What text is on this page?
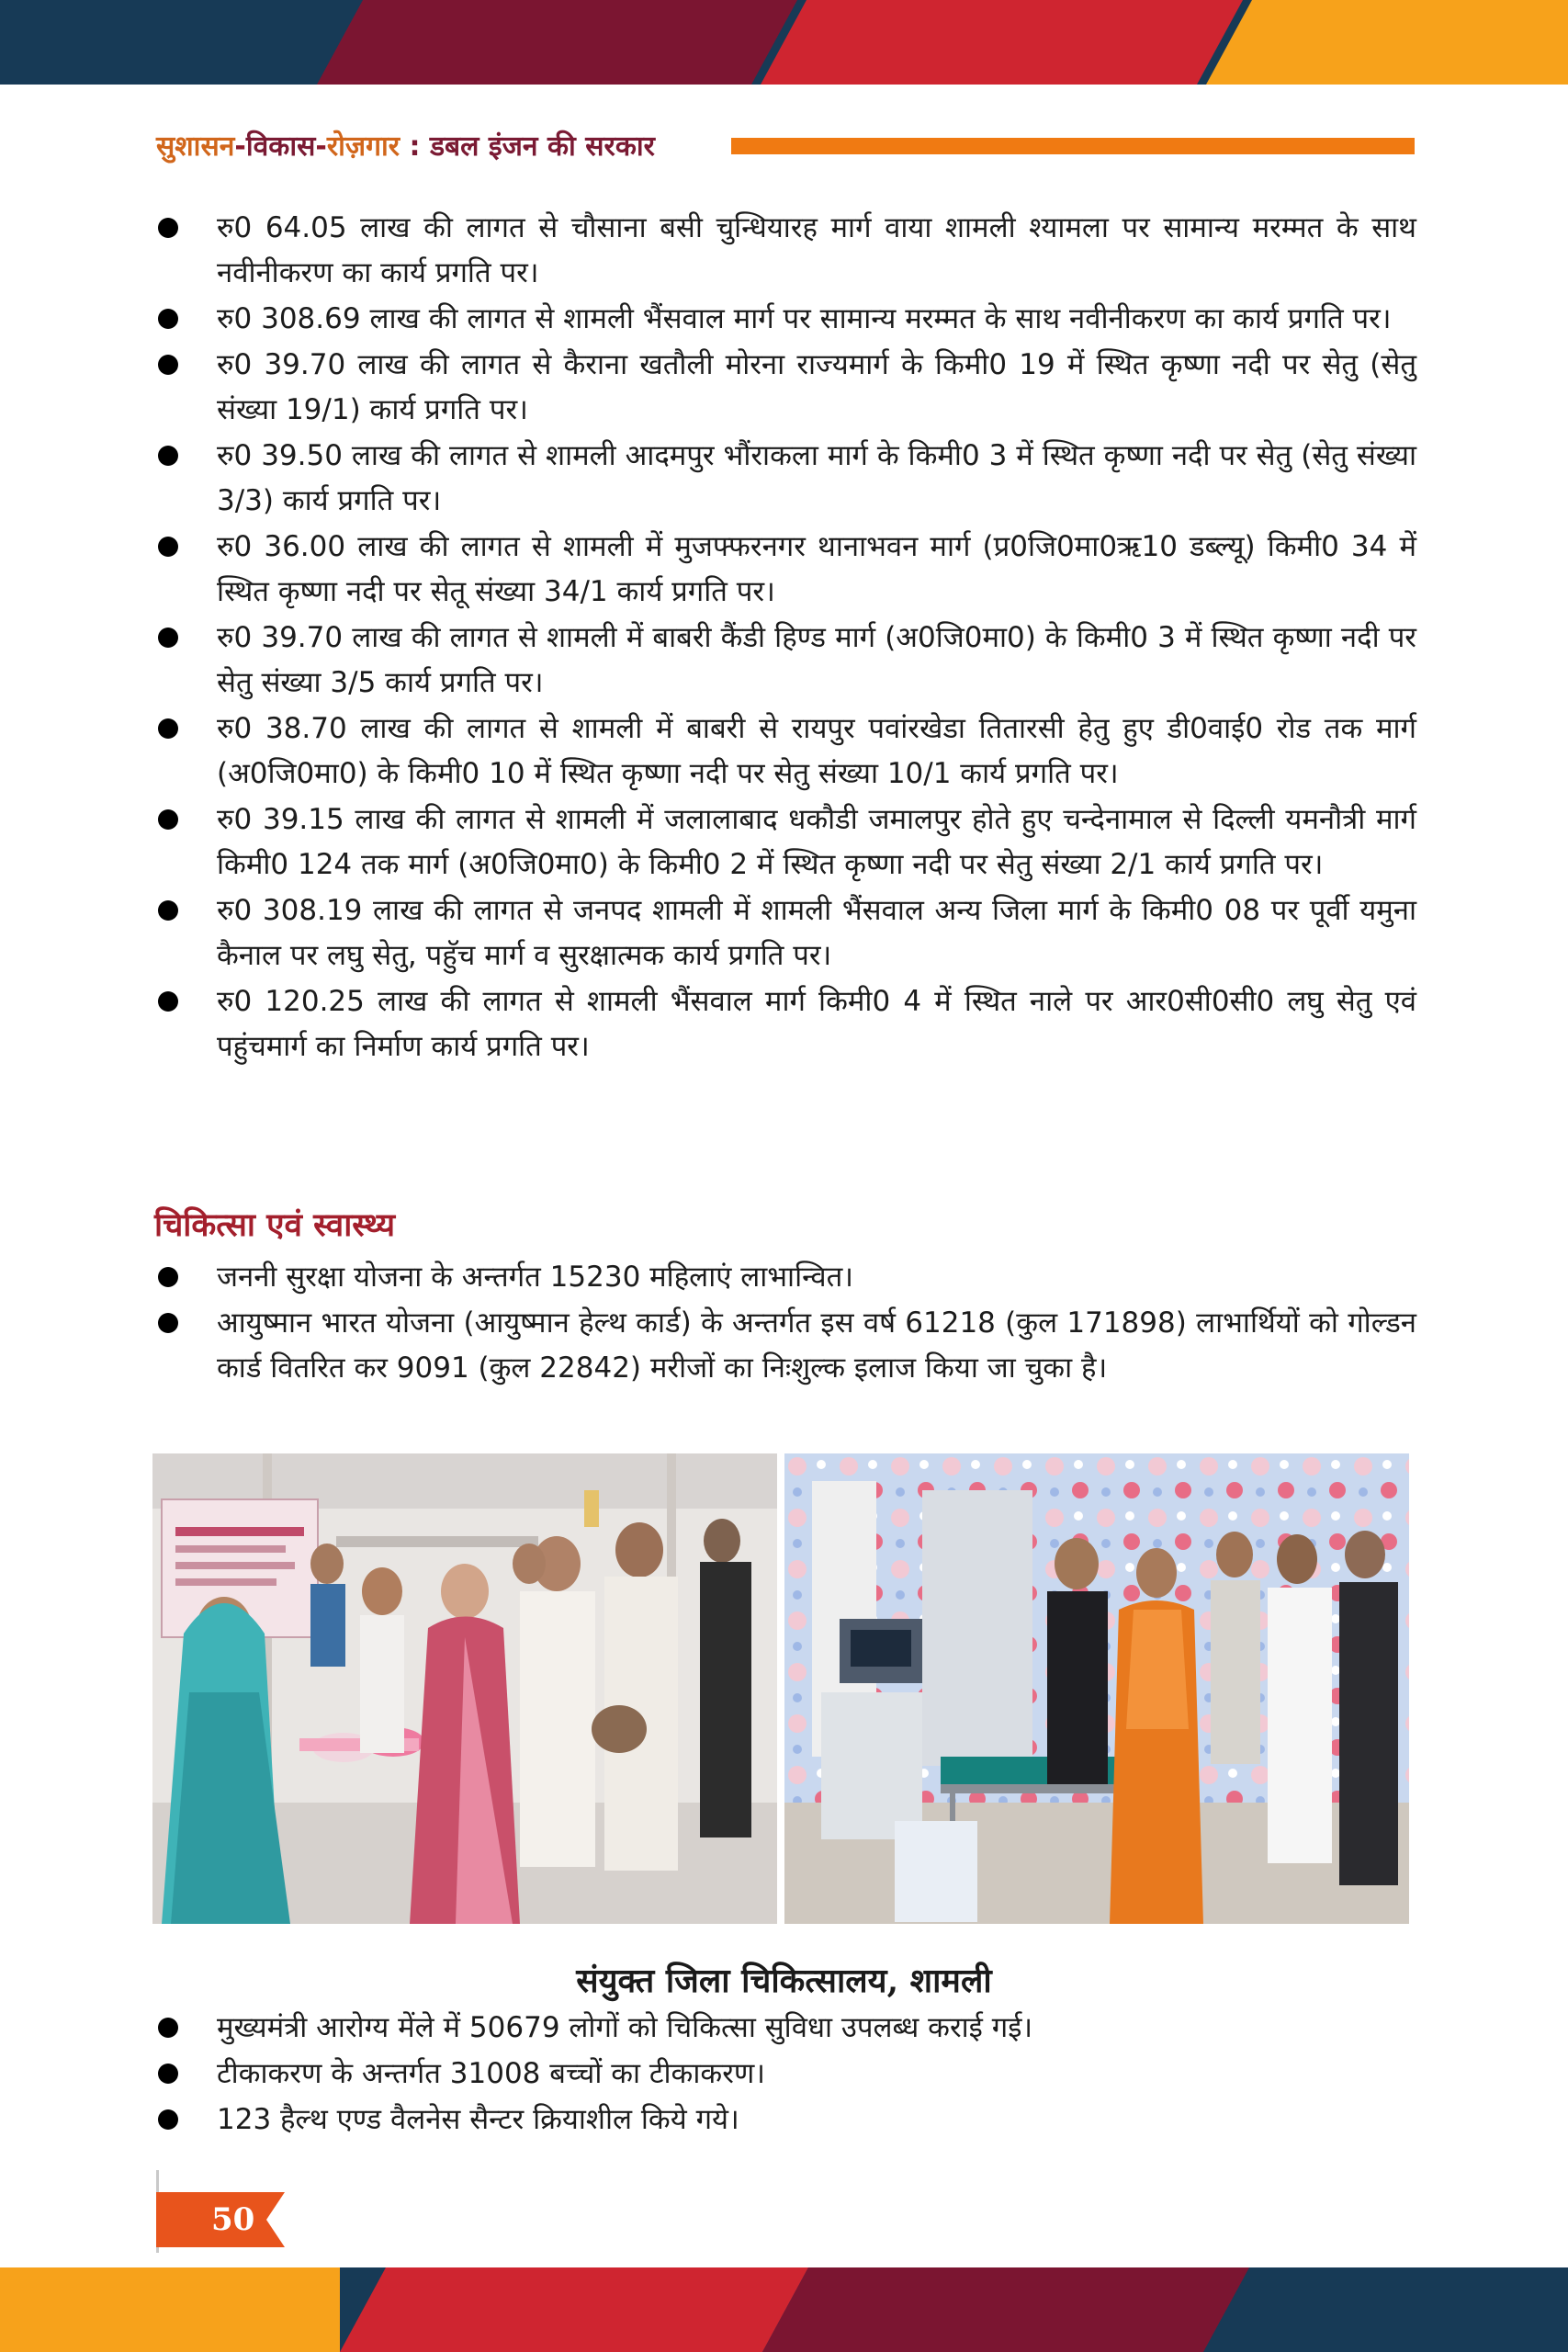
सुशासन-विकास-रोज़गार : डबल इंजन की सरकार
रु0 64.05 लाख की लागत से चौसाना बसी चुन्धियारह मार्ग वाया शामली श्यामला पर सामान्य मरम्मत के साथ नवीनीकरण का कार्य प्रगति पर।
रु0 308.69 लाख की लागत से शामली भैंसवाल मार्ग पर सामान्य मरम्मत के साथ नवीनीकरण का कार्य प्रगति पर।
रु0 39.70 लाख की लागत से कैराना खतौली मोरना राज्यमार्ग के किमी0 19 में स्थित कृष्णा नदी पर सेतु (सेतु संख्या 19/1) कार्य प्रगति पर।
रु0 39.50 लाख की लागत से शामली आदमपुर भौंराकला मार्ग के किमी0 3 में स्थित कृष्णा नदी पर सेतु (सेतु संख्या 3/3) कार्य प्रगति पर।
रु0 36.00 लाख की लागत से शामली में मुजफ्फरनगर थानाभवन मार्ग (प्र0जि0मा0ऋ10 डब्ल्यू) किमी0 34 में स्थित कृष्णा नदी पर सेतू संख्या 34/1 कार्य प्रगति पर।
रु0 39.70 लाख की लागत से शामली में बाबरी कैंडी हिण्ड मार्ग (अ0जि0मा0) के किमी0 3 में स्थित कृष्णा नदी पर सेतु संख्या 3/5 कार्य प्रगति पर।
रु0 38.70 लाख की लागत से शामली में बाबरी से रायपुर पवांरखेडा तितारसी हेतु हुए डी0वाई0 रोड तक मार्ग (अ0जि0मा0) के किमी0 10 में स्थित कृष्णा नदी पर सेतु संख्या 10/1 कार्य प्रगति पर।
रु0 39.15 लाख की लागत से शामली में जलालाबाद धकौडी जमालपुर होते हुए चन्देनामाल से दिल्ली यमनौत्री मार्ग किमी0 124 तक मार्ग (अ0जि0मा0) के किमी0 2 में स्थित कृष्णा नदी पर सेतु संख्या 2/1 कार्य प्रगति पर।
रु0 308.19 लाख की लागत से जनपद शामली में शामली भैंसवाल अन्य जिला मार्ग के किमी0 08 पर पूर्वी यमुना कैनाल पर लघु सेतु, पहुॅच मार्ग व सुरक्षात्मक कार्य प्रगति पर।
रु0 120.25 लाख की लागत से शामली भैंसवाल मार्ग किमी0 4 में स्थित नाले पर आर0सी0सी0 लघु सेतु एवं पहुंचमार्ग का निर्माण कार्य प्रगति पर।
चिकित्सा एवं स्वास्थ्य
जननी सुरक्षा योजना के अन्तर्गत 15230 महिलाएं लाभान्वित।
आयुष्मान भारत योजना (आयुष्मान हेल्थ कार्ड) के अन्तर्गत इस वर्ष 61218 (कुल 171898) लाभार्थियों को गोल्डन कार्ड वितरित कर 9091 (कुल 22842) मरीजों का निःशुल्क इलाज किया जा चुका है।

संयुक्त जिला चिकित्सालय, शामली

मुख्यमंत्री आरोग्य मेंले में 50679 लोगों को चिकित्सा सुविधा उपलब्ध कराई गई।
टीकाकरण के अन्तर्गत 31008 बच्चों का टीकाकरण।
123 हैल्थ एण्ड वैलनेस सैन्टर क्रियाशील किये गये।
50
